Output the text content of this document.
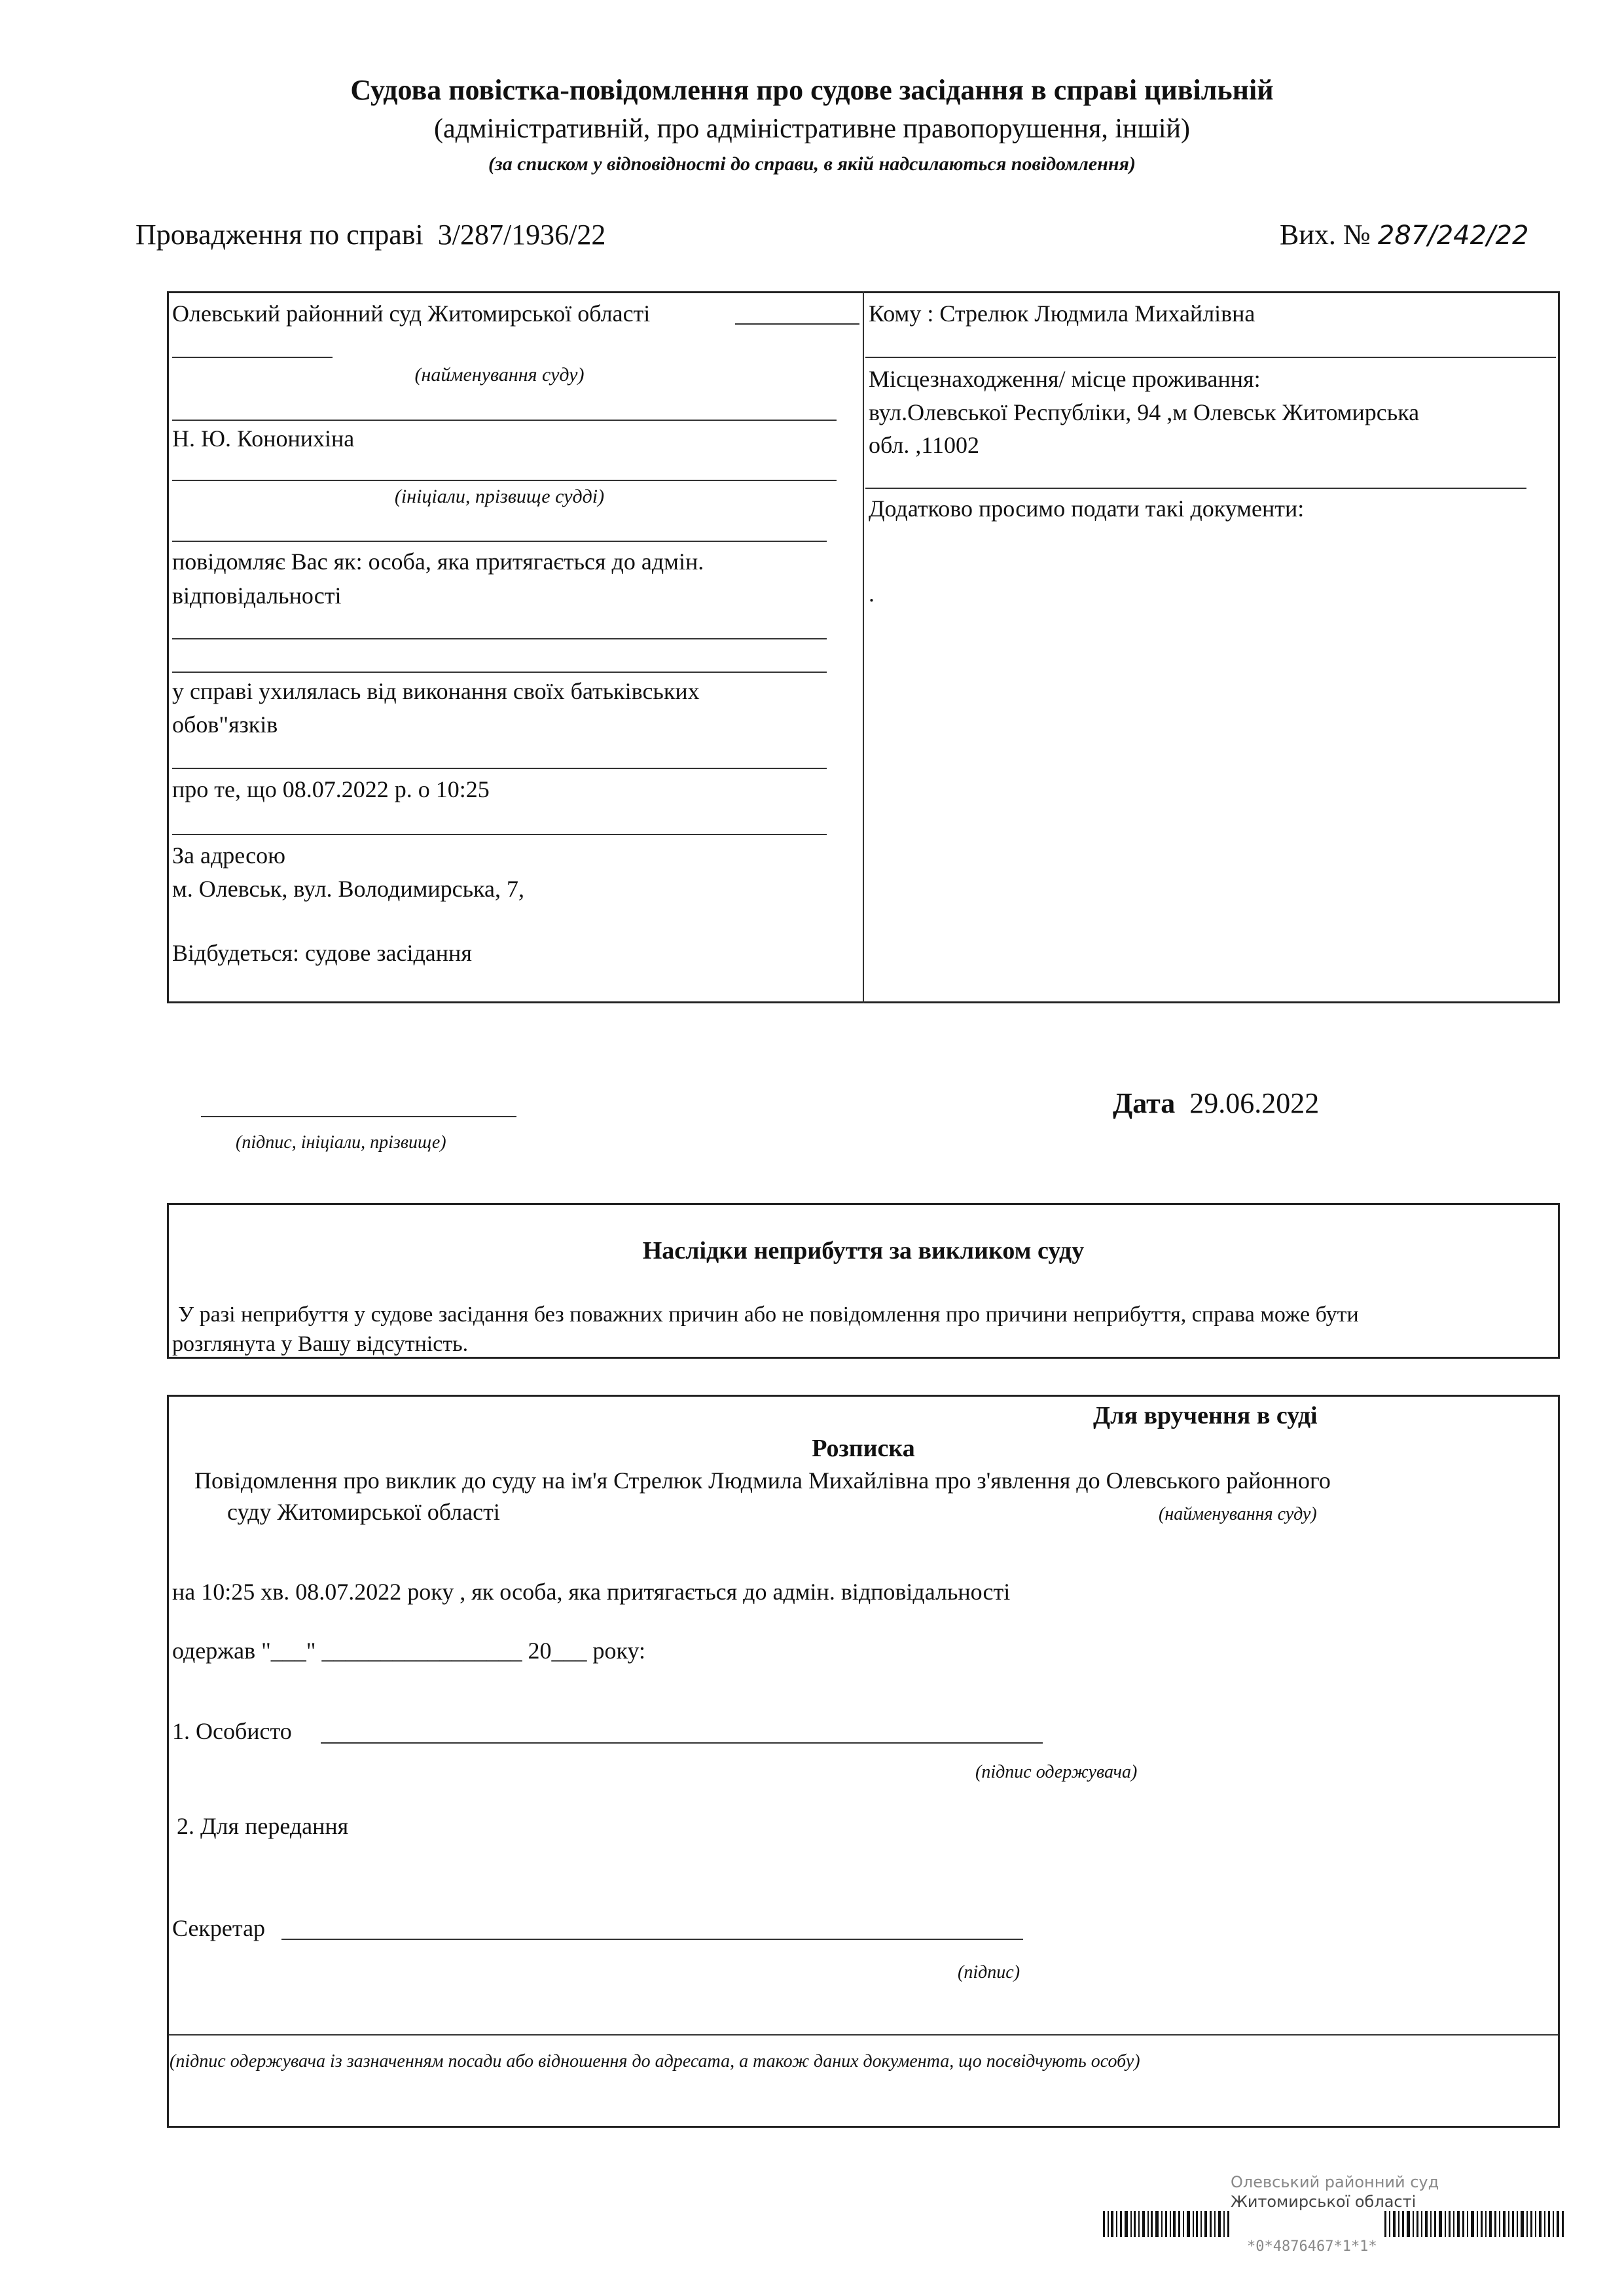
Судова повістка-повідомлення про судове засідання в справі цивільній
(адміністративній, про адміністративне правопорушення, іншій)
(за списком у відповідності до справи, в якій надсилаються повідомлення)
Провадження по справі 3/287/1936/22	Вих. № 287/242/22
Олевський районний суд Житомирської області
(найменування суду)
Н. Ю. Кононихіна
(ініціали, прізвище судді)
повідомляє Вас як: особа, яка притягається до адмін.
відповідальності
у справі ухилялась від виконання своїх батьківських
обов"язків
про те, що 08.07.2022 р. о 10:25
За адресою
м. Олевськ, вул. Володимирська, 7,
Відбудеться: судове засідання
Кому : Стрелюк Людмила Михайлівна
Місцезнаходження/ місце проживання:
вул.Олевської Республіки, 94 ,м Олевськ Житомирська
обл. ,11002
Додатково просимо подати такі документи:
.
(підпис, ініціали, прізвище)
Дата 29.06.2022
Наслідки неприбуття за викликом суду
У разі неприбуття у судове засідання без поважних причин або не повідомлення про причини неприбуття, справа може бути
розглянута у Вашу відсутність.
Для вручення в суді
Розписка
Повідомлення про виклик до суду на ім'я Стрелюк Людмила Михайлівна про з'явлення до Олевського районного
суду Житомирської області	(найменування суду)
на 10:25 хв. 08.07.2022 року , як особа, яка притягається до адмін. відповідальності
одержав "___" _________________ 20___ року:
1. Особисто
(підпис одержувача)
2. Для передання
Секретар
(підпис)
(підпис одержувача із зазначенням посади або відношення до адресата, а також даних документа, що посвідчують особу)
Олевський районний суд
Житомирської області
*0*4876467*1*1*
